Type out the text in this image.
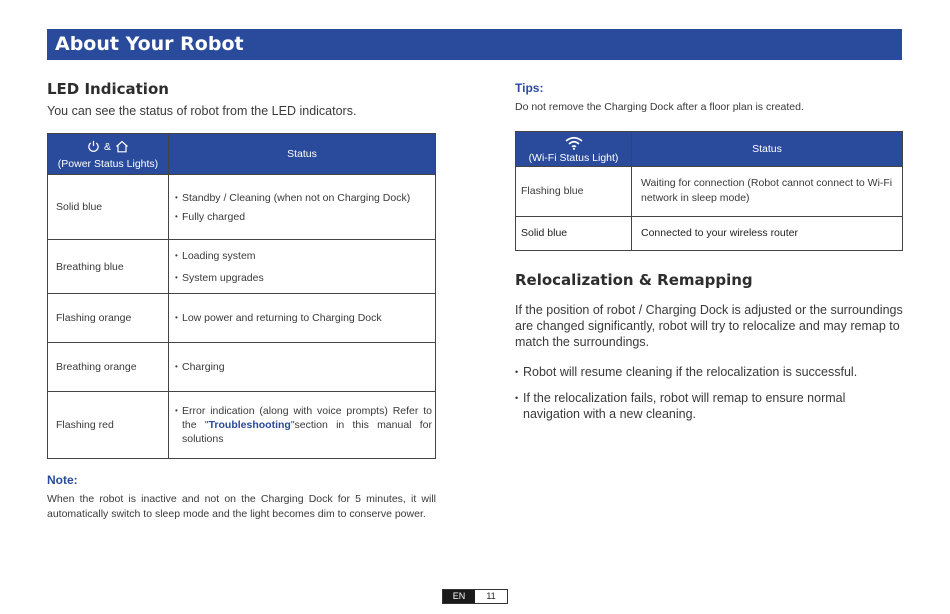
About Your Robot
LED Indication

You can see the status of robot from the LED indicators.

&
(Power Status Lights)	Status
Solid blue	• Standby / Cleaning (when not on Charging Dock)
• Fully charged

Breathing blue	• Loading system
• System upgrades

Flashing orange	• Low power and returning to Charging Dock

Breathing orange	• Charging

Flashing red	• Error indication (along with voice prompts) Refer to the "Troubleshooting"section in this manual for solutions

Note:

When the robot is inactive and not on the Charging Dock for 5 minutes, it will automatically switch to sleep mode and the light becomes dim to conserve power.

Tips:

Do not remove the Charging Dock after a floor plan is created.

(Wi-Fi Status Light)	Status
Flashing blue	Waiting for connection (Robot cannot connect to Wi-Fi network in sleep mode)
Solid blue	Connected to your wireless router
Relocalization & Remapping

If the position of robot / Charging Dock is adjusted or the surroundings are changed significantly, robot will try to relocalize and may remap to match the surroundings.

• Robot will resume cleaning if the relocalization is successful.
• If the relocalization fails, robot will remap to ensure normal navigation with a new cleaning.
EN	11
